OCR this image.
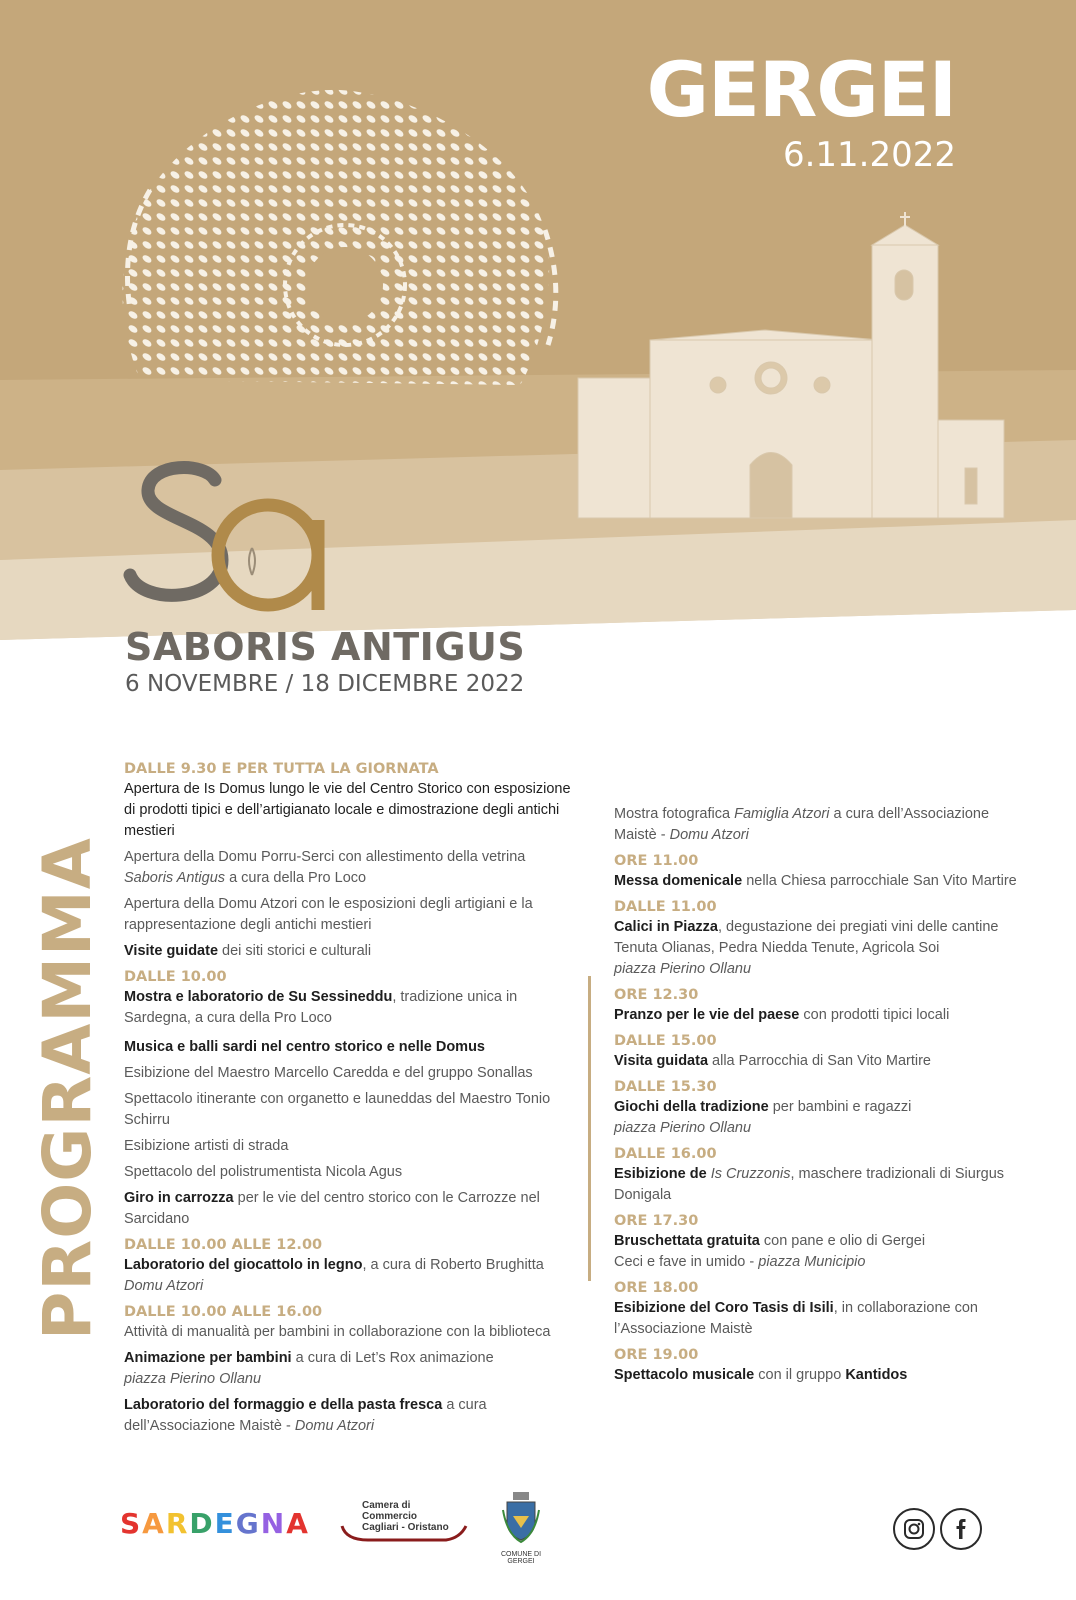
GERGEI
6.11.2022
SABORIS ANTIGUS
6 NOVEMBRE / 18 DICEMBRE 2022
PROGRAMMA
DALLE 9.30 E PER TUTTA LA GIORNATA
Apertura de Is Domus lungo le vie del Centro Storico con esposizione di prodotti tipici e dell’artigianato locale e dimostrazione degli antichi mestieri
Apertura della Domu Porru-Serci con allestimento della vetrina Saboris Antigus a cura della Pro Loco
Apertura della Domu Atzori con le esposizioni degli artigiani e la rappresentazione degli antichi mestieri
Visite guidate dei siti storici e culturali
DALLE 10.00
Mostra e laboratorio de Su Sessineddu, tradizione unica in Sardegna, a cura della Pro Loco
Musica e balli sardi nel centro storico e nelle Domus
Esibizione del Maestro Marcello Caredda e del gruppo Sonallas
Spettacolo itinerante con organetto e launeddas del Maestro Tonio Schirru
Esibizione artisti di strada
Spettacolo del polistrumentista Nicola Agus
Giro in carrozza per le vie del centro storico con le Carrozze nel Sarcidano
DALLE 10.00 ALLE 12.00
Laboratorio del giocattolo in legno, a cura di Roberto Brughitta
Domu Atzori
DALLE 10.00 ALLE 16.00
Attività di manualità per bambini in collaborazione con la biblioteca
Animazione per bambini a cura di Let’s Rox animazione
piazza Pierino Ollanu
Laboratorio del formaggio e della pasta fresca a cura dell’Associazione Maistè - Domu Atzori
Mostra fotografica Famiglia Atzori a cura dell’Associazione Maistè - Domu Atzori
ORE 11.00
Messa domenicale nella Chiesa parrocchiale San Vito Martire
DALLE 11.00
Calici in Piazza, degustazione dei pregiati vini delle cantine Tenuta Olianas, Pedra Niedda Tenute, Agricola Soi
piazza Pierino Ollanu
ORE 12.30
Pranzo per le vie del paese con prodotti tipici locali
DALLE 15.00
Visita guidata alla Parrocchia di San Vito Martire
DALLE 15.30
Giochi della tradizione per bambini e ragazzi
piazza Pierino Ollanu
DALLE 16.00
Esibizione de Is Cruzzonis, maschere tradizionali di Siurgus Donigala
ORE 17.30
Bruschettata gratuita con pane e olio di Gergei
Ceci e fave in umido - piazza Municipio
ORE 18.00
Esibizione del Coro Tasis di Isili, in collaborazione con l’Associazione Maistè
ORE 19.00
Spettacolo musicale con il gruppo Kantidos
SARDEGNA
Camera di Commercio
Cagliari - Oristano
COMUNE DI GERGEI
